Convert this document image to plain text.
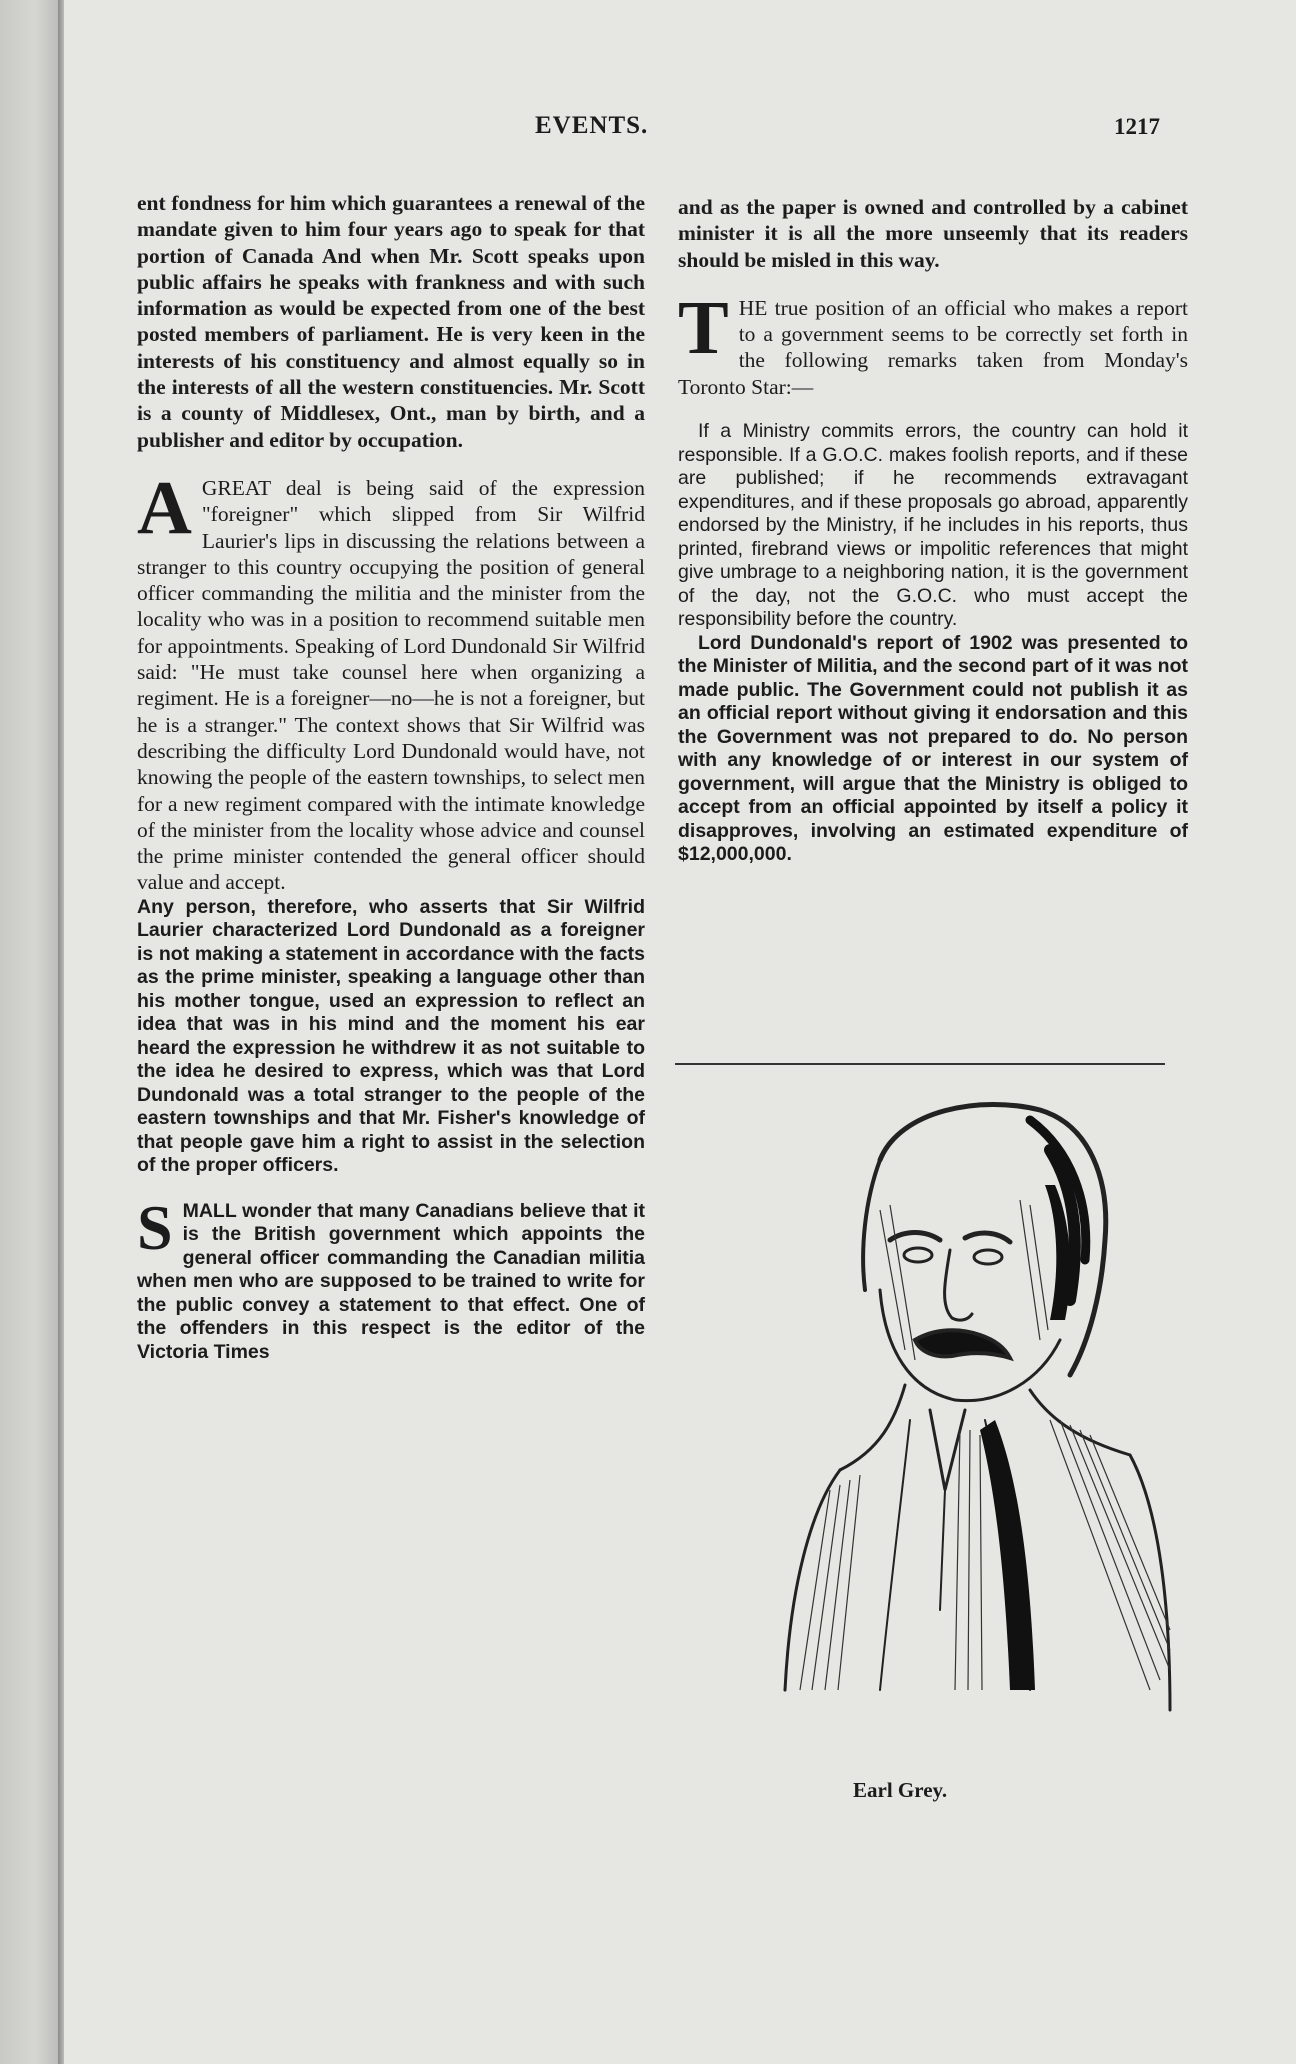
EVENTS.	1217

ent fondness for him which guarantees a renewal of the mandate given to him four years ago to speak for that portion of Canada And when Mr. Scott speaks upon public affairs he speaks with frankness and with such information as would be expected from one of the best posted members of parliament. He is very keen in the interests of his constituency and almost equally so in the interests of all the western constituencies. Mr. Scott is a county of Middlesex, Ont., man by birth, and a publisher and editor by occupation.

A GREAT deal is being said of the expression "foreigner" which slipped from Sir Wilfrid Laurier's lips in discussing the relations between a stranger to this country occupying the position of general officer commanding the militia and the minister from the locality who was in a position to recommend suitable men for appointments. Speaking of Lord Dundonald Sir Wilfrid said: "He must take counsel here when organizing a regiment. He is a foreigner—no—he is not a foreigner, but he is a stranger." The context shows that Sir Wilfrid was describing the difficulty Lord Dundonald would have, not knowing the people of the eastern townships, to select men for a new regiment compared with the intimate knowledge of the minister from the locality whose advice and counsel the prime minister contended the general officer should value and accept.

Any person, therefore, who asserts that Sir Wilfrid Laurier characterized Lord Dundonald as a foreigner is not making a statement in accordance with the facts as the prime minister, speaking a language other than his mother tongue, used an expression to reflect an idea that was in his mind and the moment his ear heard the expression he withdrew it as not suitable to the idea he desired to express, which was that Lord Dundonald was a total stranger to the people of the eastern townships and that Mr. Fisher's knowledge of that people gave him a right to assist in the selection of the proper officers.

S MALL wonder that many Canadians believe that it is the British government which appoints the general officer commanding the Canadian militia when men who are supposed to be trained to write for the public convey a statement to that effect. One of the offenders in this respect is the editor of the Victoria Times

and as the paper is owned and controlled by a cabinet minister it is all the more unseemly that its readers should be misled in this way.

T HE true position of an official who makes a report to a government seems to be correctly set forth in the following remarks taken from Monday's Toronto Star:—

If a Ministry commits errors, the country can hold it responsible. If a G.O.C. makes foolish reports, and if these are published; if he recommends extravagant expenditures, and if these proposals go abroad, apparently endorsed by the Ministry, if he includes in his reports, thus printed, firebrand views or impolitic references that might give umbrage to a neighboring nation, it is the government of the day, not the G.O.C. who must accept the responsibility before the country.

Lord Dundonald's report of 1902 was presented to the Minister of Militia, and the second part of it was not made public. The Government could not publish it as an official report without giving it endorsation and this the Government was not prepared to do. No person with any knowledge of or interest in our system of government, will argue that the Ministry is obliged to accept from an official appointed by itself a policy it disapproves, involving an estimated expenditure of $12,000,000.

Earl Grey.
